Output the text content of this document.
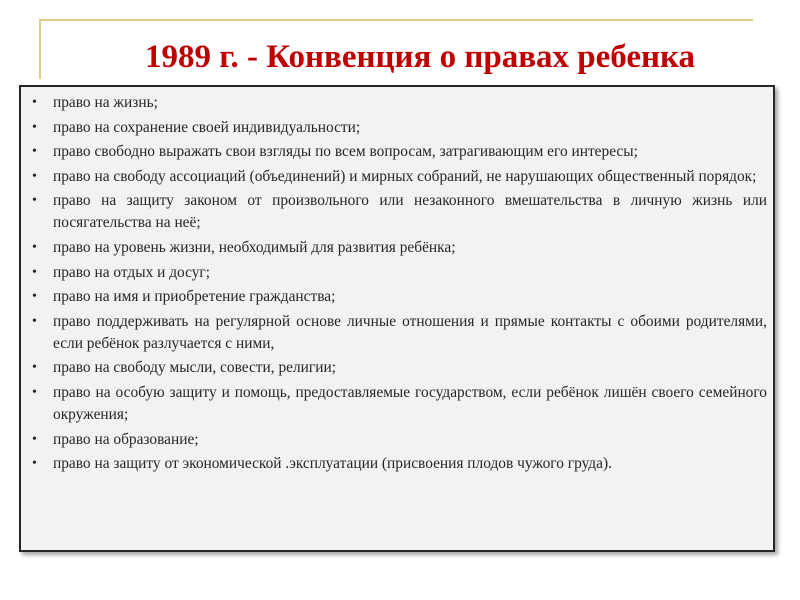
1989 г. - Конвенция о правах ребенка
• право на жизнь;
• право на сохранение своей индивидуальности;
• право свободно выражать свои взгляды по всем вопросам, затрагивающим его интересы;
• право на свободу ассоциаций (объединений) и мирных собраний, не нарушающих общественный порядок;
• право на защиту законом от произвольного или незаконного вмешательства в личную жизнь или посягательства на неё;
• право на уровень жизни, необходимый для развития ребёнка;
• право на отдых и досуг;
• право на имя и приобретение гражданства;
• право поддерживать на регулярной основе личные отношения и прямые контакты с обоими родителями, если ребёнок разлучается с ними,
• право на свободу мысли, совести, религии;
• право на особую защиту и помощь, предоставляемые государством, если ребёнок лишён своего семейного окружения;
• право на образование;
• право на защиту от экономической .эксплуатации (присвоения плодов чужого груда).
